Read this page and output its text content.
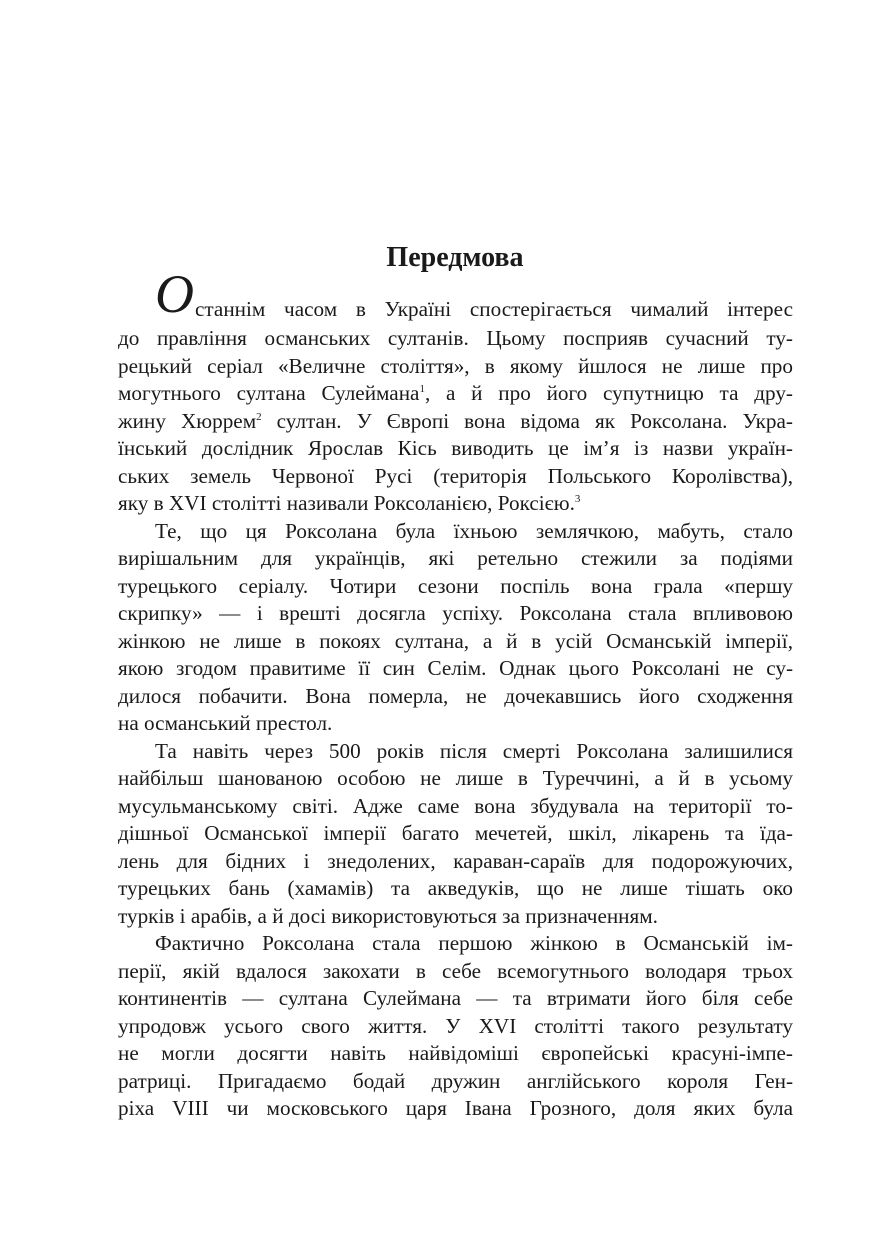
Передмова
О станнім часом в Україні спостерігається чималий інтерес
до правління османських султанів. Цьому посприяв сучасний ту-
рецький серіал «Величне століття», в якому йшлося не лише про
могутнього султана Сулеймана$^1$, а й про його супутницю та дру-
жину Хюррем$^2$ султан. У Європі вона відома як Роксолана. Укра-
їнський дослідник Ярослав Кісь виводить це ім’я із назви україн-
ських земель Червоної Русі (територія Польського Королівства),
яку в XVI столітті називали Роксоланією, Роксією.$^3$
Те, що ця Роксолана була їхньою землячкою, мабуть, стало
вирішальним для українців, які ретельно стежили за подіями
турецького серіалу. Чотири сезони поспіль вона грала «першу
скрипку» — і врешті досягла успіху. Роксолана стала впливовою
жінкою не лише в покоях султана, а й в усій Османській імперії,
якою згодом правитиме її син Селім. Однак цього Роксолані не су-
дилося побачити. Вона померла, не дочекавшись його сходження
на османський престол.
Та навіть через 500 років після смерті Роксолана залишилися
найбільш шанованою особою не лише в Туреччині, а й в усьому
мусульманському світі. Адже саме вона збудувала на території то-
дішньої Османської імперії багато мечетей, шкіл, лікарень та їда-
лень для бідних і знедолених, караван-сараїв для подорожуючих,
турецьких бань (хамамів) та акведуків, що не лише тішать око
турків і арабів, а й досі використовуються за призначенням.
Фактично Роксолана стала першою жінкою в Османській ім-
перії, якій вдалося закохати в себе всемогутнього володаря трьох
континентів — султана Сулеймана — та втримати його біля себе
упродовж усього свого життя. У XVI столітті такого результату
не могли досягти навіть найвідоміші європейські красуні-імпе-
ратриці. Пригадаємо бодай дружин англійського короля Ген-
ріха VIII чи московського царя Івана Грозного, доля яких була
